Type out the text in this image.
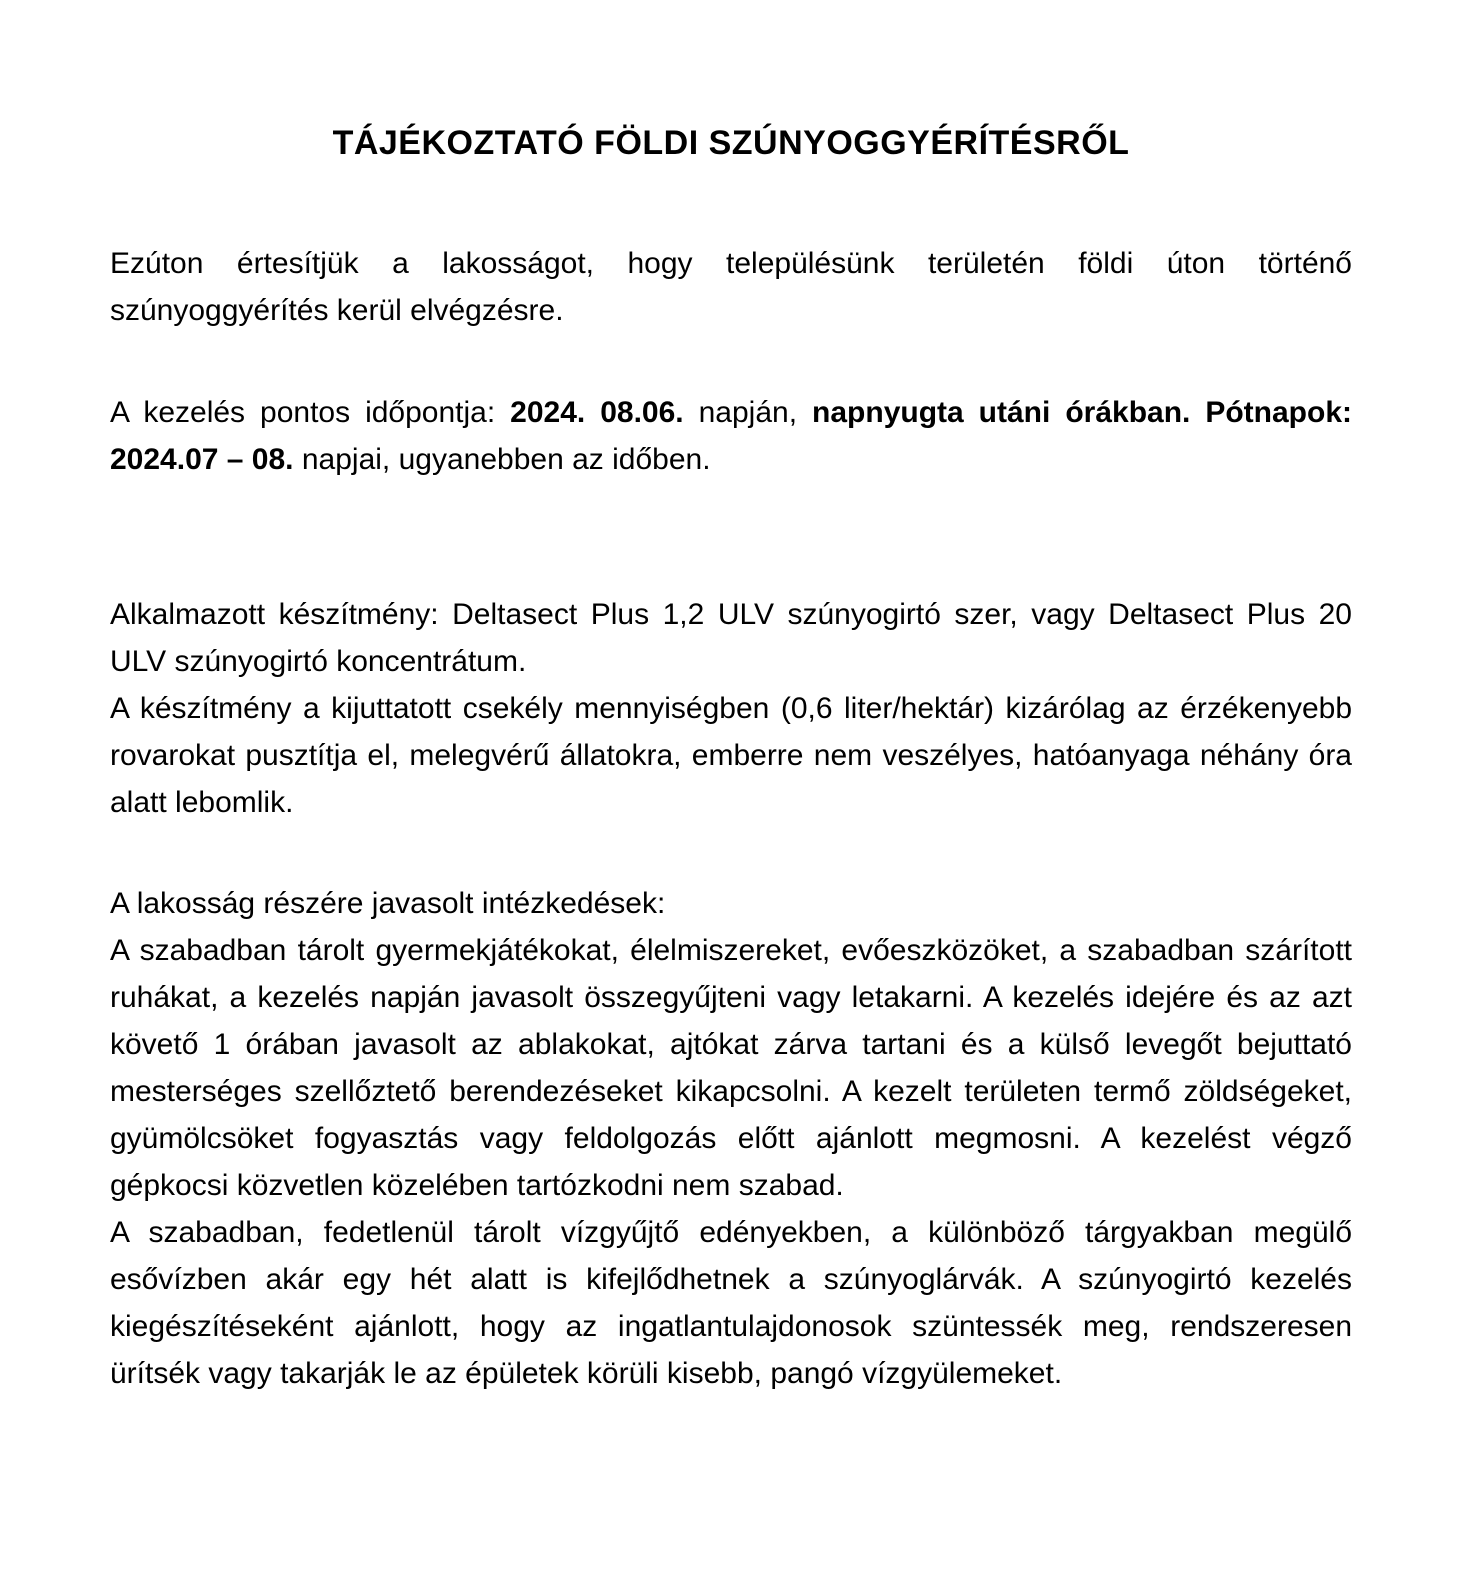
TÁJÉKOZTATÓ FÖLDI SZÚNYOGGYÉRÍTÉSRŐL

Ezúton értesítjük a lakosságot, hogy településünk területén földi úton történő szúnyoggyérítés kerül elvégzésre.

A kezelés pontos időpontja: 2024. 08.06. napján, napnyugta utáni órákban. Pótnapok: 2024.07 – 08. napjai, ugyanebben az időben.

Alkalmazott készítmény: Deltasect Plus 1,2 ULV szúnyogirtó szer, vagy Deltasect Plus 20 ULV szúnyogirtó koncentrátum.

A készítmény a kijuttatott csekély mennyiségben (0,6 liter/hektár) kizárólag az érzékenyebb rovarokat pusztítja el, melegvérű állatokra, emberre nem veszélyes, hatóanyaga néhány óra alatt lebomlik.

A lakosság részére javasolt intézkedések:

A szabadban tárolt gyermekjátékokat, élelmiszereket, evőeszközöket, a szabadban szárított ruhákat, a kezelés napján javasolt összegyűjteni vagy letakarni. A kezelés idejére és az azt követő 1 órában javasolt az ablakokat, ajtókat zárva tartani és a külső levegőt bejuttató mesterséges szellőztető berendezéseket kikapcsolni. A kezelt területen termő zöldségeket, gyümölcsöket fogyasztás vagy feldolgozás előtt ajánlott megmosni. A kezelést végző gépkocsi közvetlen közelében tartózkodni nem szabad.

A szabadban, fedetlenül tárolt vízgyűjtő edényekben, a különböző tárgyakban megülő esővízben akár egy hét alatt is kifejlődhetnek a szúnyoglárvák. A szúnyogirtó kezelés kiegészítéseként ajánlott, hogy az ingatlantulajdonosok szüntessék meg, rendszeresen ürítsék vagy takarják le az épületek körüli kisebb, pangó vízgyülemeket.
